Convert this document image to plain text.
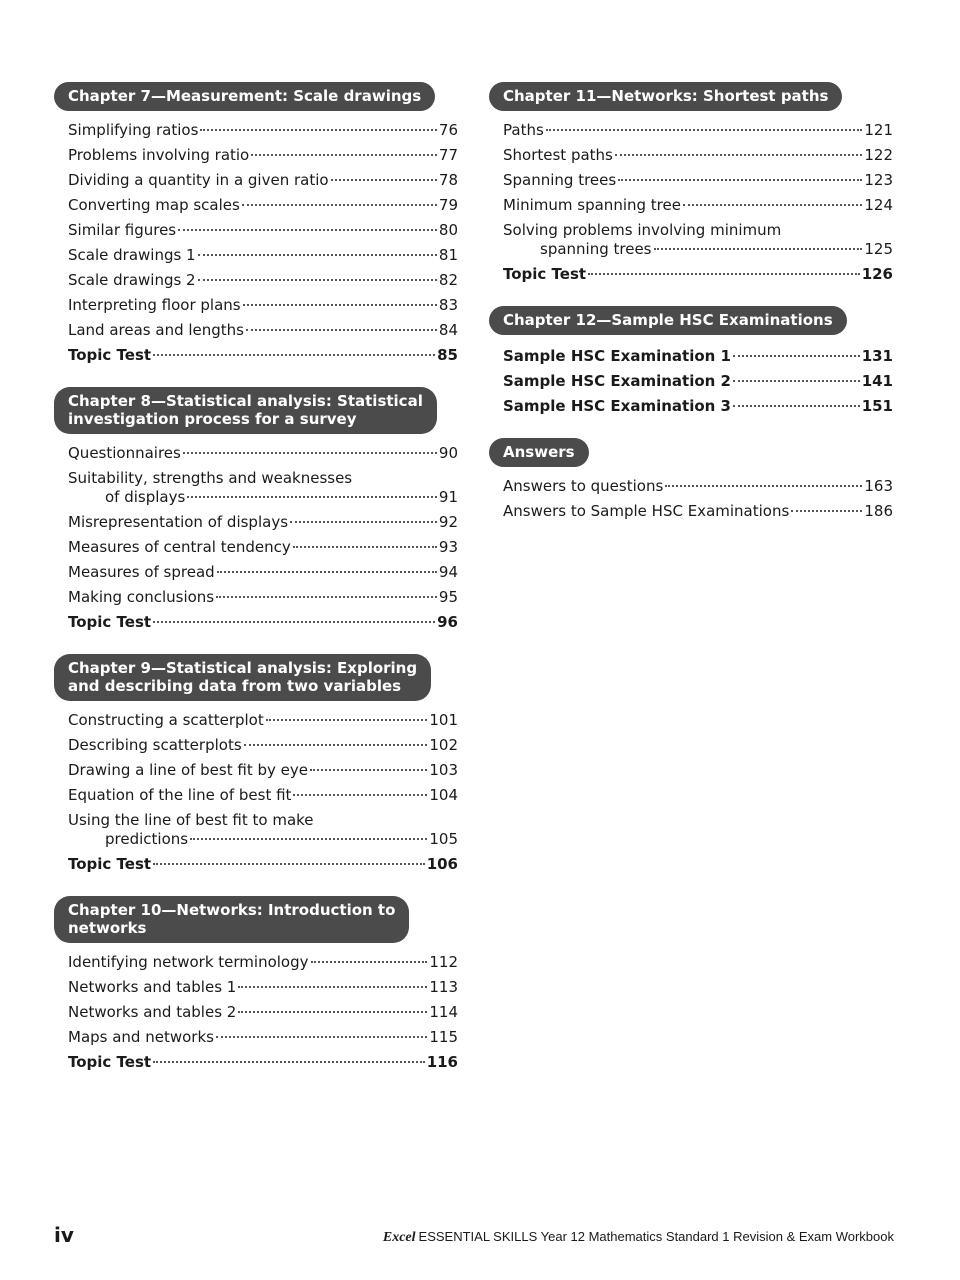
Chapter 7—Measurement: Scale drawings
Simplifying ratios	76
Problems involving ratio	77
Dividing a quantity in a given ratio	78
Converting map scales	79
Similar figures	80
Scale drawings 1	81
Scale drawings 2	82
Interpreting floor plans	83
Land areas and lengths	84
Topic Test	85
Chapter 8—Statistical analysis: Statistical
investigation process for a survey
Questionnaires	90
Suitability, strengths and weaknesses
of displays	91
Misrepresentation of displays	92
Measures of central tendency	93
Measures of spread	94
Making conclusions	95
Topic Test	96
Chapter 9—Statistical analysis: Exploring
and describing data from two variables
Constructing a scatterplot	101
Describing scatterplots	102
Drawing a line of best fit by eye	103
Equation of the line of best fit	104
Using the line of best fit to make
predictions	105
Topic Test	106
Chapter 10—Networks: Introduction to
networks
Identifying network terminology	112
Networks and tables 1	113
Networks and tables 2	114
Maps and networks	115
Topic Test	116
Chapter 11—Networks: Shortest paths
Paths	121
Shortest paths	122
Spanning trees	123
Minimum spanning tree	124
Solving problems involving minimum
spanning trees	125
Topic Test	126
Chapter 12—Sample HSC Examinations
Sample HSC Examination 1	131
Sample HSC Examination 2	141
Sample HSC Examination 3	151
Answers
Answers to questions	163
Answers to Sample HSC Examinations	186
iv	Excel ESSENTIAL SKILLS Year 12 Mathematics Standard 1 Revision & Exam Workbook
